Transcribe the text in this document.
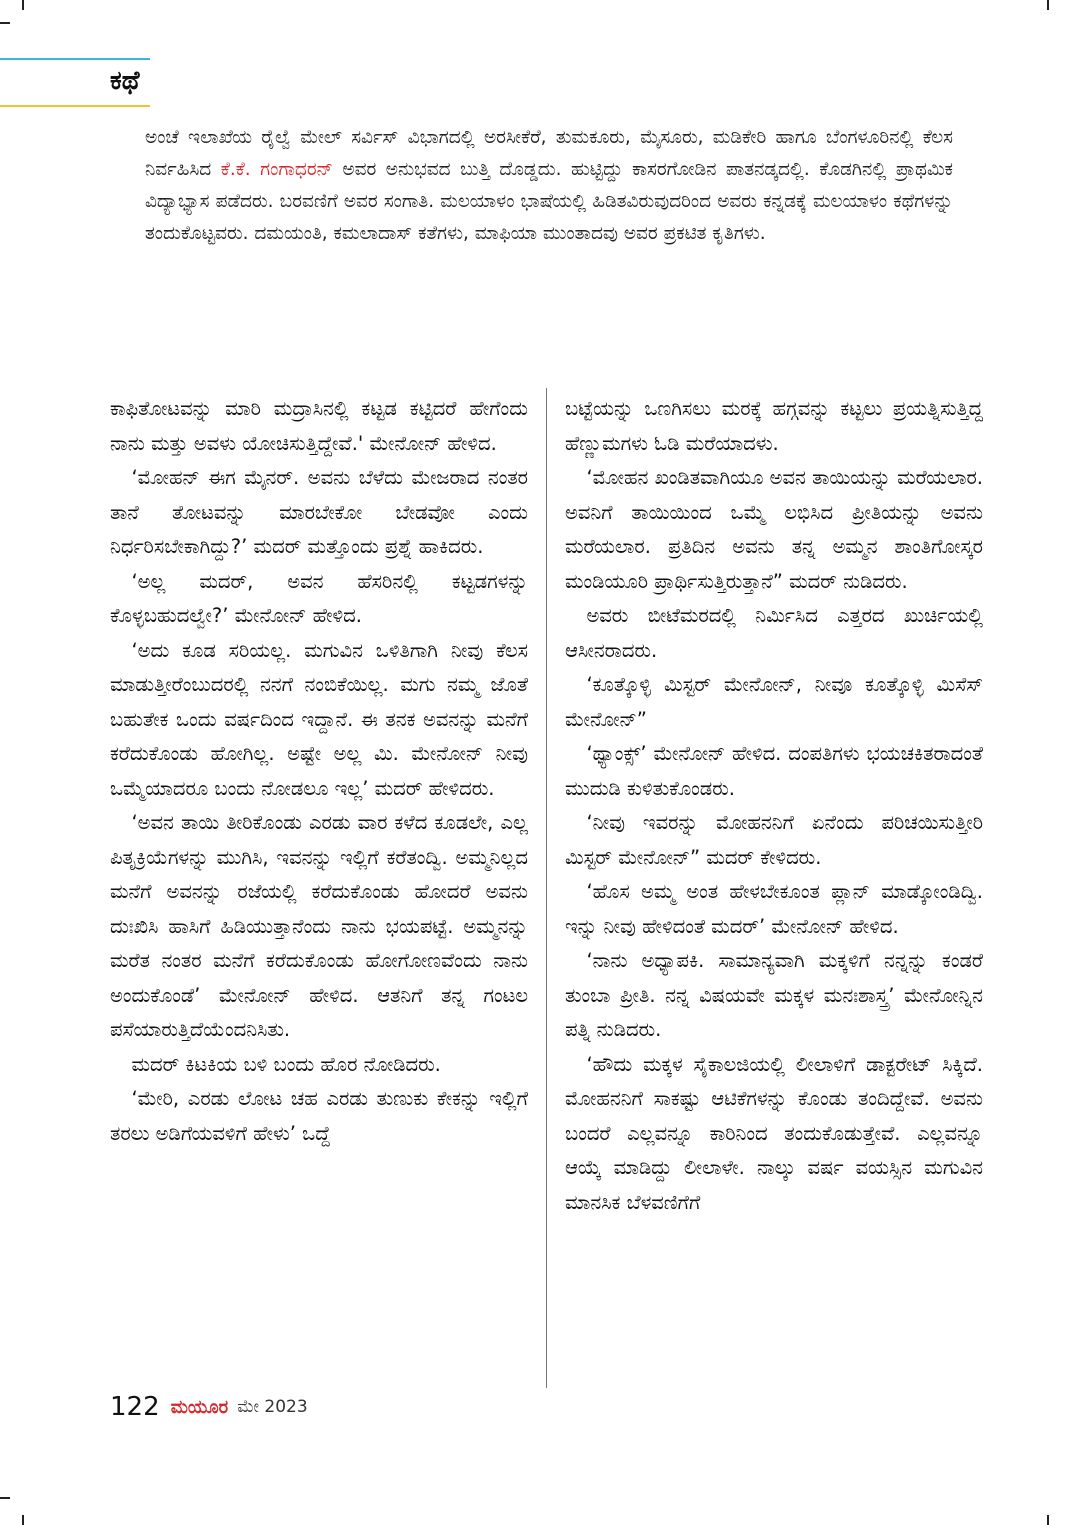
ಕಥೆ

ಅಂಚೆ ಇಲಾಖೆಯ ರೈಲ್ವೆ ಮೇಲ್ ಸರ್ವಿಸ್ ವಿಭಾಗದಲ್ಲಿ ಅರಸೀಕೆರೆ, ತುಮಕೂರು, ಮೈಸೂರು, ಮಡಿಕೇರಿ ಹಾಗೂ ಬೆಂಗಳೂರಿನಲ್ಲಿ ಕೆಲಸ ನಿರ್ವಹಿಸಿದ ಕೆ.ಕೆ. ಗಂಗಾಧರನ್ ಅವರ ಅನುಭವದ ಬುತ್ತಿ ದೊಡ್ಡದು. ಹುಟ್ಟಿದ್ದು ಕಾಸರಗೋಡಿನ ಪಾತನಡ್ಕದಲ್ಲಿ. ಕೊಡಗಿನಲ್ಲಿ ಪ್ರಾಥಮಿಕ ವಿದ್ಯಾಭ್ಯಾಸ ಪಡೆದರು. ಬರವಣಿಗೆ ಅವರ ಸಂಗಾತಿ. ಮಲಯಾಳಂ ಭಾಷೆಯಲ್ಲಿ ಹಿಡಿತವಿರುವುದರಿಂದ ಅವರು ಕನ್ನಡಕ್ಕೆ ಮಲಯಾಳಂ ಕಥೆಗಳನ್ನು ತಂದುಕೊಟ್ಟವರು. ದಮಯಂತಿ, ಕಮಲಾದಾಸ್ ಕತೆಗಳು, ಮಾಫಿಯಾ ಮುಂತಾದವು ಅವರ ಪ್ರಕಟಿತ ಕೃತಿಗಳು.

ಕಾಫಿತೋಟವನ್ನು ಮಾರಿ ಮದ್ರಾಸಿನಲ್ಲಿ ಕಟ್ಟಡ ಕಟ್ಟಿದರೆ ಹೇಗೆಂದು ನಾನು ಮತ್ತು ಅವಳು ಯೋಚಿಸುತ್ತಿದ್ದೇವೆ.' ಮೇನೋನ್ ಹೇಳಿದ.

‘ಮೋಹನ್ ಈಗ ಮೈನರ್. ಅವನು ಬೆಳೆದು ಮೇಜರಾದ ನಂತರ ತಾನೆ ತೋಟವನ್ನು ಮಾರಬೇಕೋ ಬೇಡವೋ ಎಂದು ನಿರ್ಧರಿಸಬೇಕಾಗಿದ್ದು?’ ಮದರ್ ಮತ್ತೊಂದು ಪ್ರಶ್ನೆ ಹಾಕಿದರು.

‘ಅಲ್ಲ ಮದರ್, ಅವನ ಹೆಸರಿನಲ್ಲಿ ಕಟ್ಟಡಗಳನ್ನು ಕೊಳ್ಳಬಹುದಲ್ವೇ?’ ಮೇನೋನ್ ಹೇಳಿದ.

‘ಅದು ಕೂಡ ಸರಿಯಲ್ಲ. ಮಗುವಿನ ಒಳಿತಿಗಾಗಿ ನೀವು ಕೆಲಸ ಮಾಡುತ್ತೀರೆಂಬುದರಲ್ಲಿ ನನಗೆ ನಂಬಿಕೆಯಿಲ್ಲ. ಮಗು ನಮ್ಮ ಜೊತೆ ಬಹುತೇಕ ಒಂದು ವರ್ಷದಿಂದ ಇದ್ದಾನೆ. ಈ ತನಕ ಅವನನ್ನು ಮನೆಗೆ ಕರೆದುಕೊಂಡು ಹೋಗಿಲ್ಲ. ಅಷ್ಟೇ ಅಲ್ಲ ಮಿ. ಮೇನೋನ್ ನೀವು ಒಮ್ಮೆಯಾದರೂ ಬಂದು ನೋಡಲೂ ಇಲ್ಲ’ ಮದರ್ ಹೇಳಿದರು.

‘ಅವನ ತಾಯಿ ತೀರಿಕೊಂಡು ಎರಡು ವಾರ ಕಳೆದ ಕೂಡಲೇ, ಎಲ್ಲ ಪಿತೃಕ್ರಿಯೆಗಳನ್ನು ಮುಗಿಸಿ, ಇವನನ್ನು ಇಲ್ಲಿಗೆ ಕರೆತಂದ್ವಿ. ಅಮ್ಮನಿಲ್ಲದ ಮನೆಗೆ ಅವನನ್ನು ರಜೆಯಲ್ಲಿ ಕರೆದುಕೊಂಡು ಹೋದರೆ ಅವನು ದುಃಖಿಸಿ ಹಾಸಿಗೆ ಹಿಡಿಯುತ್ತಾನೆಂದು ನಾನು ಭಯಪಟ್ಟೆ. ಅಮ್ಮನನ್ನು ಮರೆತ ನಂತರ ಮನೆಗೆ ಕರೆದುಕೊಂಡು ಹೋಗೋಣವೆಂದು ನಾನು ಅಂದುಕೊಂಡೆ’ ಮೇನೋನ್ ಹೇಳಿದ. ಆತನಿಗೆ ತನ್ನ ಗಂಟಲ ಪಸೆಯಾರುತ್ತಿದೆಯೆಂದನಿಸಿತು.

ಮದರ್ ಕಿಟಕಿಯ ಬಳಿ ಬಂದು ಹೊರ ನೋಡಿದರು.

‘ಮೇರಿ, ಎರಡು ಲೋಟ ಚಹ ಎರಡು ತುಣುಕು ಕೇಕನ್ನು ಇಲ್ಲಿಗೆ ತರಲು ಅಡಿಗೆಯವಳಿಗೆ ಹೇಳು’ ಒದ್ದೆ

ಬಟ್ಟೆಯನ್ನು ಒಣಗಿಸಲು ಮರಕ್ಕೆ ಹಗ್ಗವನ್ನು ಕಟ್ಟಲು ಪ್ರಯತ್ನಿಸುತ್ತಿದ್ದ ಹೆಣ್ಣುಮಗಳು ಓಡಿ ಮರೆಯಾದಳು.

‘ಮೋಹನ ಖಂಡಿತವಾಗಿಯೂ ಅವನ ತಾಯಿಯನ್ನು ಮರೆಯಲಾರ. ಅವನಿಗೆ ತಾಯಿಯಿಂದ ಒಮ್ಮೆ ಲಭಿಸಿದ ಪ್ರೀತಿಯನ್ನು ಅವನು ಮರೆಯಲಾರ. ಪ್ರತಿದಿನ ಅವನು ತನ್ನ ಅಮ್ಮನ ಶಾಂತಿಗೋಸ್ಕರ ಮಂಡಿಯೂರಿ ಪ್ರಾರ್ಥಿಸುತ್ತಿರುತ್ತಾನೆ” ಮದರ್ ನುಡಿದರು.

ಅವರು ಬೀಟೆಮರದಲ್ಲಿ ನಿರ್ಮಿಸಿದ ಎತ್ತರದ ಖುರ್ಚಿಯಲ್ಲಿ ಆಸೀನರಾದರು.

‘ಕೂತ್ಕೊಳ್ಳಿ ಮಿಸ್ಟರ್ ಮೇನೋನ್, ನೀವೂ ಕೂತ್ಕೊಳ್ಳಿ ಮಿಸೆಸ್ ಮೇನೋನ್”

‘ಥ್ಯಾಂಕ್ಸ್’ ಮೇನೋನ್ ಹೇಳಿದ. ದಂಪತಿಗಳು ಭಯಚಕಿತರಾದಂತೆ ಮುದುಡಿ ಕುಳಿತುಕೊಂಡರು.

‘ನೀವು ಇವರನ್ನು ಮೋಹನನಿಗೆ ಏನೆಂದು ಪರಿಚಯಿಸುತ್ತೀರಿ ಮಿಸ್ಟರ್ ಮೇನೋನ್” ಮದರ್ ಕೇಳಿದರು.

‘ಹೊಸ ಅಮ್ಮ ಅಂತ ಹೇಳಬೇಕೂಂತ ಪ್ಲಾನ್ ಮಾಡ್ಕೋಂಡಿದ್ವಿ. ಇನ್ನು ನೀವು ಹೇಳಿದಂತೆ ಮದರ್’ ಮೇನೋನ್ ಹೇಳಿದ.

‘ನಾನು ಅಧ್ಯಾಪಕಿ. ಸಾಮಾನ್ಯವಾಗಿ ಮಕ್ಕಳಿಗೆ ನನ್ನನ್ನು ಕಂಡರೆ ತುಂಬಾ ಪ್ರೀತಿ. ನನ್ನ ವಿಷಯವೇ ಮಕ್ಕಳ ಮನಃಶಾಸ್ತ್ರ’ ಮೇನೋನ್ನಿನ ಪತ್ನಿ ನುಡಿದರು.

‘ಹೌದು ಮಕ್ಕಳ ಸೈಕಾಲಜಿಯಲ್ಲಿ ಲೀಲಾಳಿಗೆ ಡಾಕ್ಟರೇಟ್ ಸಿಕ್ಕಿದೆ. ಮೋಹನನಿಗೆ ಸಾಕಷ್ಟು ಆಟಿಕೆಗಳನ್ನು ಕೊಂಡು ತಂದಿದ್ದೇವೆ. ಅವನು ಬಂದರೆ ಎಲ್ಲವನ್ನೂ ಕಾರಿನಿಂದ ತಂದುಕೊಡುತ್ತೇವೆ. ಎಲ್ಲವನ್ನೂ ಆಯ್ಕೆ ಮಾಡಿದ್ದು ಲೀಲಾಳೇ. ನಾಲ್ಕು ವರ್ಷ ವಯಸ್ಸಿನ ಮಗುವಿನ ಮಾನಸಿಕ ಬೆಳವಣಿಗೆಗೆ

122 ಮಯೂರ ಮೇ 2023
